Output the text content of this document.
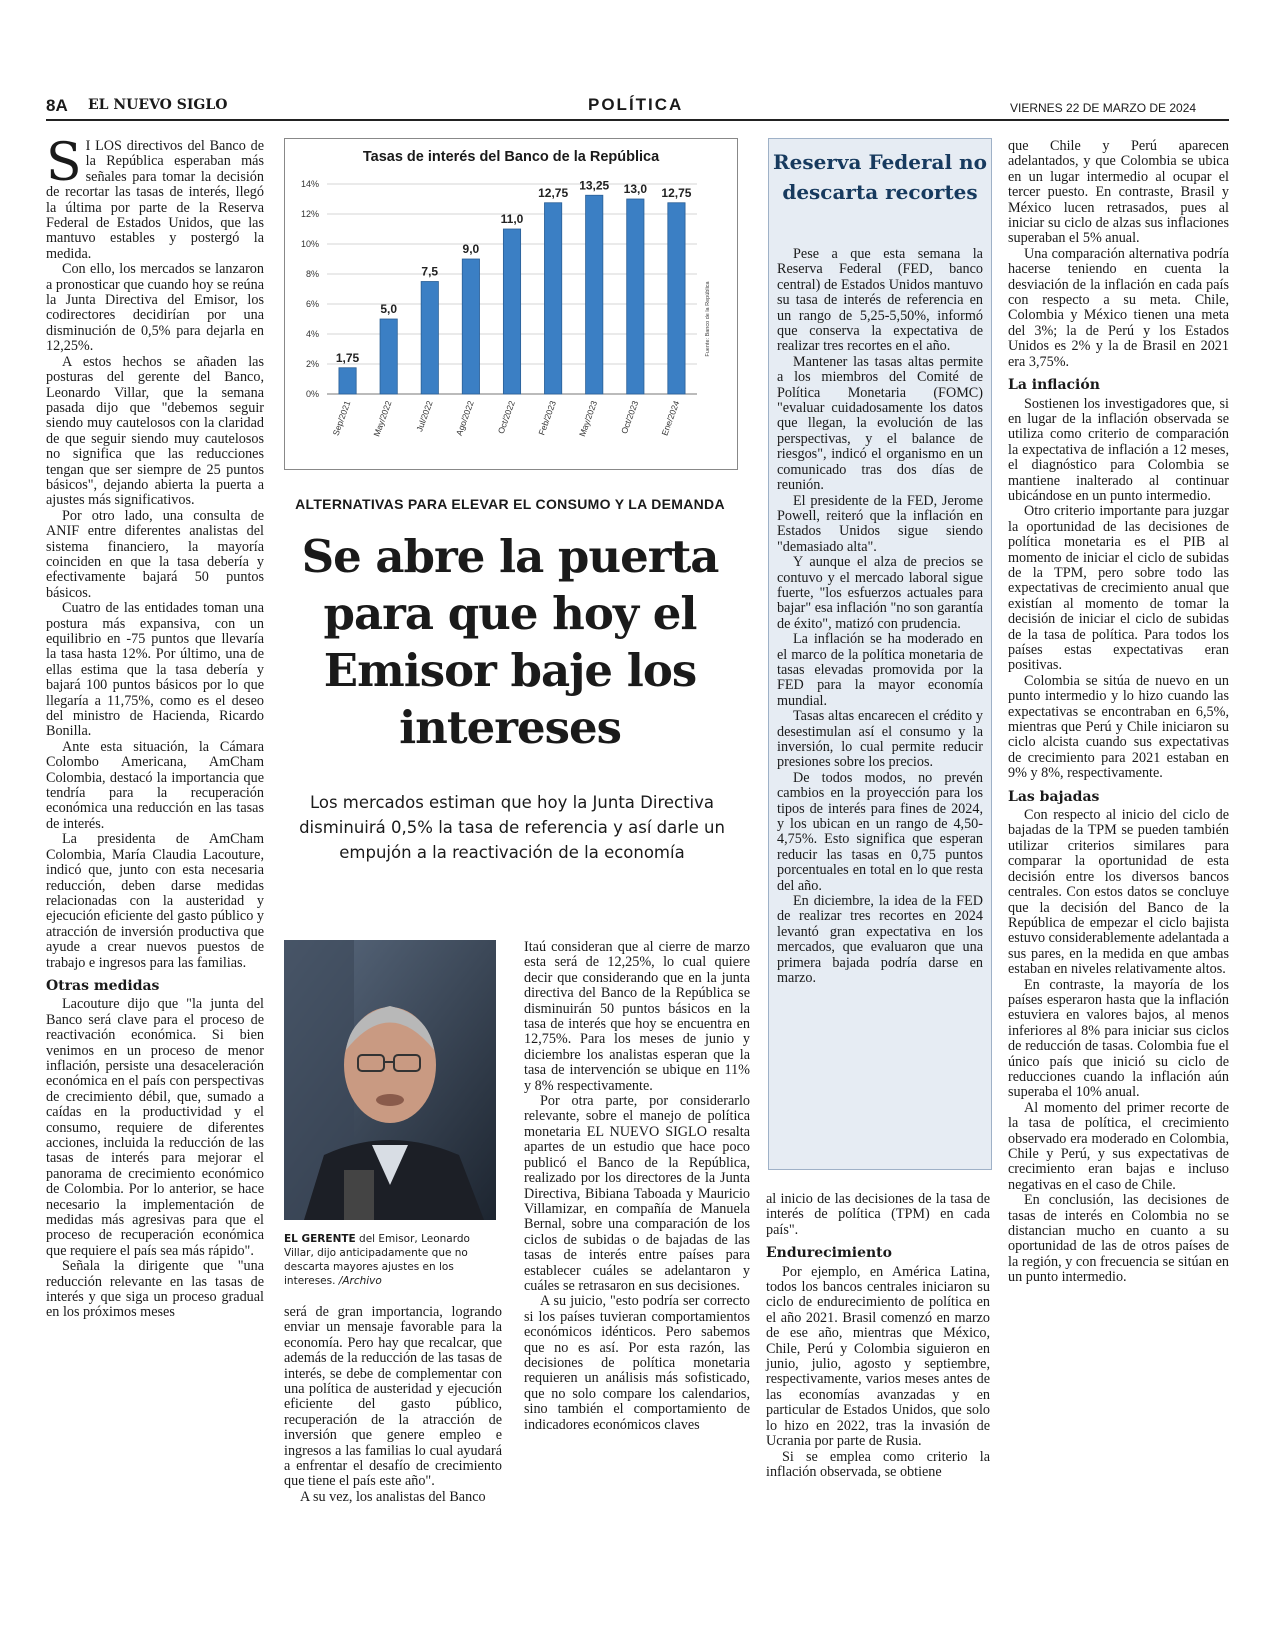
8A EL NUEVO SIGLO	POLÍTICA	VIERNES 22 DE MARZO DE 2024

S I LOS directivos del Banco de la República esperaban más señales para tomar la decisión de recortar las tasas de interés, llegó la última por parte de la Reserva Federal de Estados Unidos, que las mantuvo estables y postergó la medida.

Con ello, los mercados se lanzaron a pronosticar que cuando hoy se reúna la Junta Directiva del Emisor, los codirectores decidirían por una disminución de 0,5% para dejarla en 12,25%.

A estos hechos se añaden las posturas del gerente del Banco, Leonardo Villar, que la semana pasada dijo que "debemos seguir siendo muy cautelosos con la claridad de que seguir siendo muy cautelosos no significa que las reducciones tengan que ser siempre de 25 puntos básicos", dejando abierta la puerta a ajustes más significativos.

Por otro lado, una consulta de ANIF entre diferentes analistas del sistema financiero, la mayoría coinciden en que la tasa debería y efectivamente bajará 50 puntos básicos.

Cuatro de las entidades toman una postura más expansiva, con un equilibrio en -75 puntos que llevaría la tasa hasta 12%. Por último, una de ellas estima que la tasa debería y bajará 100 puntos básicos por lo que llegaría a 11,75%, como es el deseo del ministro de Hacienda, Ricardo Bonilla.

Ante esta situación, la Cámara Colombo Americana, AmCham Colombia, destacó la importancia que tendría para la recuperación económica una reducción en las tasas de interés.

La presidenta de AmCham Colombia, María Claudia Lacouture, indicó que, junto con esta necesaria reducción, deben darse medidas relacionadas con la austeridad y ejecución eficiente del gasto público y atracción de inversión productiva que ayude a crear nuevos puestos de trabajo e ingresos para las familias.

Otras medidas

Lacouture dijo que "la junta del Banco será clave para el proceso de reactivación económica. Si bien venimos en un proceso de menor inflación, persiste una desaceleración económica en el país con perspectivas de crecimiento débil, que, sumado a caídas en la productividad y el consumo, requiere de diferentes acciones, incluida la reducción de las tasas de interés para mejorar el panorama de crecimiento económico de Colombia. Por lo anterior, se hace necesario la implementación de medidas más agresivas para que el proceso de recuperación económica que requiere el país sea más rápido".

Señala la dirigente que "una reducción relevante en las tasas de interés y que siga un proceso gradual en los próximos meses

Tasas de interés del Banco de la República
0%
2%
4%
6%
8%
10%
12%
14%
1,75
Sep/2021
5,0
May/2022
7,5
Jul/2022
9,0
Ago/2022
11,0
Oct/2022
12,75
Feb/2023
13,25
May/2023
13,0
Oct/2023
12,75
Ene/2024
Fuente: Banco de la República
ALTERNATIVAS PARA ELEVAR EL CONSUMO Y LA DEMANDA
Se abre la puerta para que hoy el Emisor baje los intereses
Los mercados estiman que hoy la Junta Directiva disminuirá 0,5% la tasa de referencia y así darle un empujón a la reactivación de la economía
EL GERENTE del Emisor, Leonardo Villar, dijo anticipadamente que no descarta mayores ajustes en los intereses. /Archivo

será de gran importancia, logrando enviar un mensaje favorable para la economía. Pero hay que recalcar, que además de la reducción de las tasas de interés, se debe de complementar con una política de austeridad y ejecución eficiente del gasto público, recuperación de la atracción de inversión que genere empleo e ingresos a las familias lo cual ayudará a enfrentar el desafío de crecimiento que tiene el país este año".

A su vez, los analistas del Banco

Itaú consideran que al cierre de marzo esta será de 12,25%, lo cual quiere decir que considerando que en la junta directiva del Banco de la República se disminuirán 50 puntos básicos en la tasa de interés que hoy se encuentra en 12,75%. Para los meses de junio y diciembre los analistas esperan que la tasa de intervención se ubique en 11% y 8% respectivamente.

Por otra parte, por considerarlo relevante, sobre el manejo de política monetaria EL NUEVO SIGLO resalta apartes de un estudio que hace poco publicó el Banco de la República, realizado por los directores de la Junta Directiva, Bibiana Taboada y Mauricio Villamizar, en compañía de Manuela Bernal, sobre una comparación de los ciclos de subidas o de bajadas de las tasas de interés entre países para establecer cuáles se adelantaron y cuáles se retrasaron en sus decisiones.

A su juicio, "esto podría ser correcto si los países tuvieran comportamientos económicos idénticos. Pero sabemos que no es así. Por esta razón, las decisiones de política monetaria requieren un análisis más sofisticado, que no solo compare los calendarios, sino también el comportamiento de indicadores económicos claves

Reserva Federal no descarta recortes

Pese a que esta semana la Reserva Federal (FED, banco central) de Estados Unidos mantuvo su tasa de interés de referencia en un rango de 5,25-5,50%, informó que conserva la expectativa de realizar tres recortes en el año.

Mantener las tasas altas permite a los miembros del Comité de Política Monetaria (FOMC) "evaluar cuidadosamente los datos que llegan, la evolución de las perspectivas, y el balance de riesgos", indicó el organismo en un comunicado tras dos días de reunión.

El presidente de la FED, Jerome Powell, reiteró que la inflación en Estados Unidos sigue siendo "demasiado alta".

Y aunque el alza de precios se contuvo y el mercado laboral sigue fuerte, "los esfuerzos actuales para bajar" esa inflación "no son garantía de éxito", matizó con prudencia.

La inflación se ha moderado en el marco de la política monetaria de tasas elevadas promovida por la FED para la mayor economía mundial.

Tasas altas encarecen el crédito y desestimulan así el consumo y la inversión, lo cual permite reducir presiones sobre los precios.

De todos modos, no prevén cambios en la proyección para los tipos de interés para fines de 2024, y los ubican en un rango de 4,50-4,75%. Esto significa que esperan reducir las tasas en 0,75 puntos porcentuales en total en lo que resta del año.

En diciembre, la idea de la FED de realizar tres recortes en 2024 levantó gran expectativa en los mercados, que evaluaron que una primera bajada podría darse en marzo.

al inicio de las decisiones de la tasa de interés de política (TPM) en cada país".

Endurecimiento

Por ejemplo, en América Latina, todos los bancos centrales iniciaron su ciclo de endurecimiento de política en el año 2021. Brasil comenzó en marzo de ese año, mientras que México, Chile, Perú y Colombia siguieron en junio, julio, agosto y septiembre, respectivamente, varios meses antes de las economías avanzadas y en particular de Estados Unidos, que solo lo hizo en 2022, tras la invasión de Ucrania por parte de Rusia.

Si se emplea como criterio la inflación observada, se obtiene

que Chile y Perú aparecen adelantados, y que Colombia se ubica en un lugar intermedio al ocupar el tercer puesto. En contraste, Brasil y México lucen retrasados, pues al iniciar su ciclo de alzas sus inflaciones superaban el 5% anual.

Una comparación alternativa podría hacerse teniendo en cuenta la desviación de la inflación en cada país con respecto a su meta. Chile, Colombia y México tienen una meta del 3%; la de Perú y los Estados Unidos es 2% y la de Brasil en 2021 era 3,75%.

La inflación

Sostienen los investigadores que, si en lugar de la inflación observada se utiliza como criterio de comparación la expectativa de inflación a 12 meses, el diagnóstico para Colombia se mantiene inalterado al continuar ubicándose en un punto intermedio.

Otro criterio importante para juzgar la oportunidad de las decisiones de política monetaria es el PIB al momento de iniciar el ciclo de subidas de la TPM, pero sobre todo las expectativas de crecimiento anual que existían al momento de tomar la decisión de iniciar el ciclo de subidas de la tasa de política. Para todos los países estas expectativas eran positivas.

Colombia se sitúa de nuevo en un punto intermedio y lo hizo cuando las expectativas se encontraban en 6,5%, mientras que Perú y Chile iniciaron su ciclo alcista cuando sus expectativas de crecimiento para 2021 estaban en 9% y 8%, respectivamente.

Las bajadas

Con respecto al inicio del ciclo de bajadas de la TPM se pueden también utilizar criterios similares para comparar la oportunidad de esta decisión entre los diversos bancos centrales. Con estos datos se concluye que la decisión del Banco de la República de empezar el ciclo bajista estuvo considerablemente adelantada a sus pares, en la medida en que ambas estaban en niveles relativamente altos.

En contraste, la mayoría de los países esperaron hasta que la inflación estuviera en valores bajos, al menos inferiores al 8% para iniciar sus ciclos de reducción de tasas. Colombia fue el único país que inició su ciclo de reducciones cuando la inflación aún superaba el 10% anual.

Al momento del primer recorte de la tasa de política, el crecimiento observado era moderado en Colombia, Chile y Perú, y sus expectativas de crecimiento eran bajas e incluso negativas en el caso de Chile.

En conclusión, las decisiones de tasas de interés en Colombia no se distancian mucho en cuanto a su oportunidad de las de otros países de la región, y con frecuencia se sitúan en un punto intermedio.
